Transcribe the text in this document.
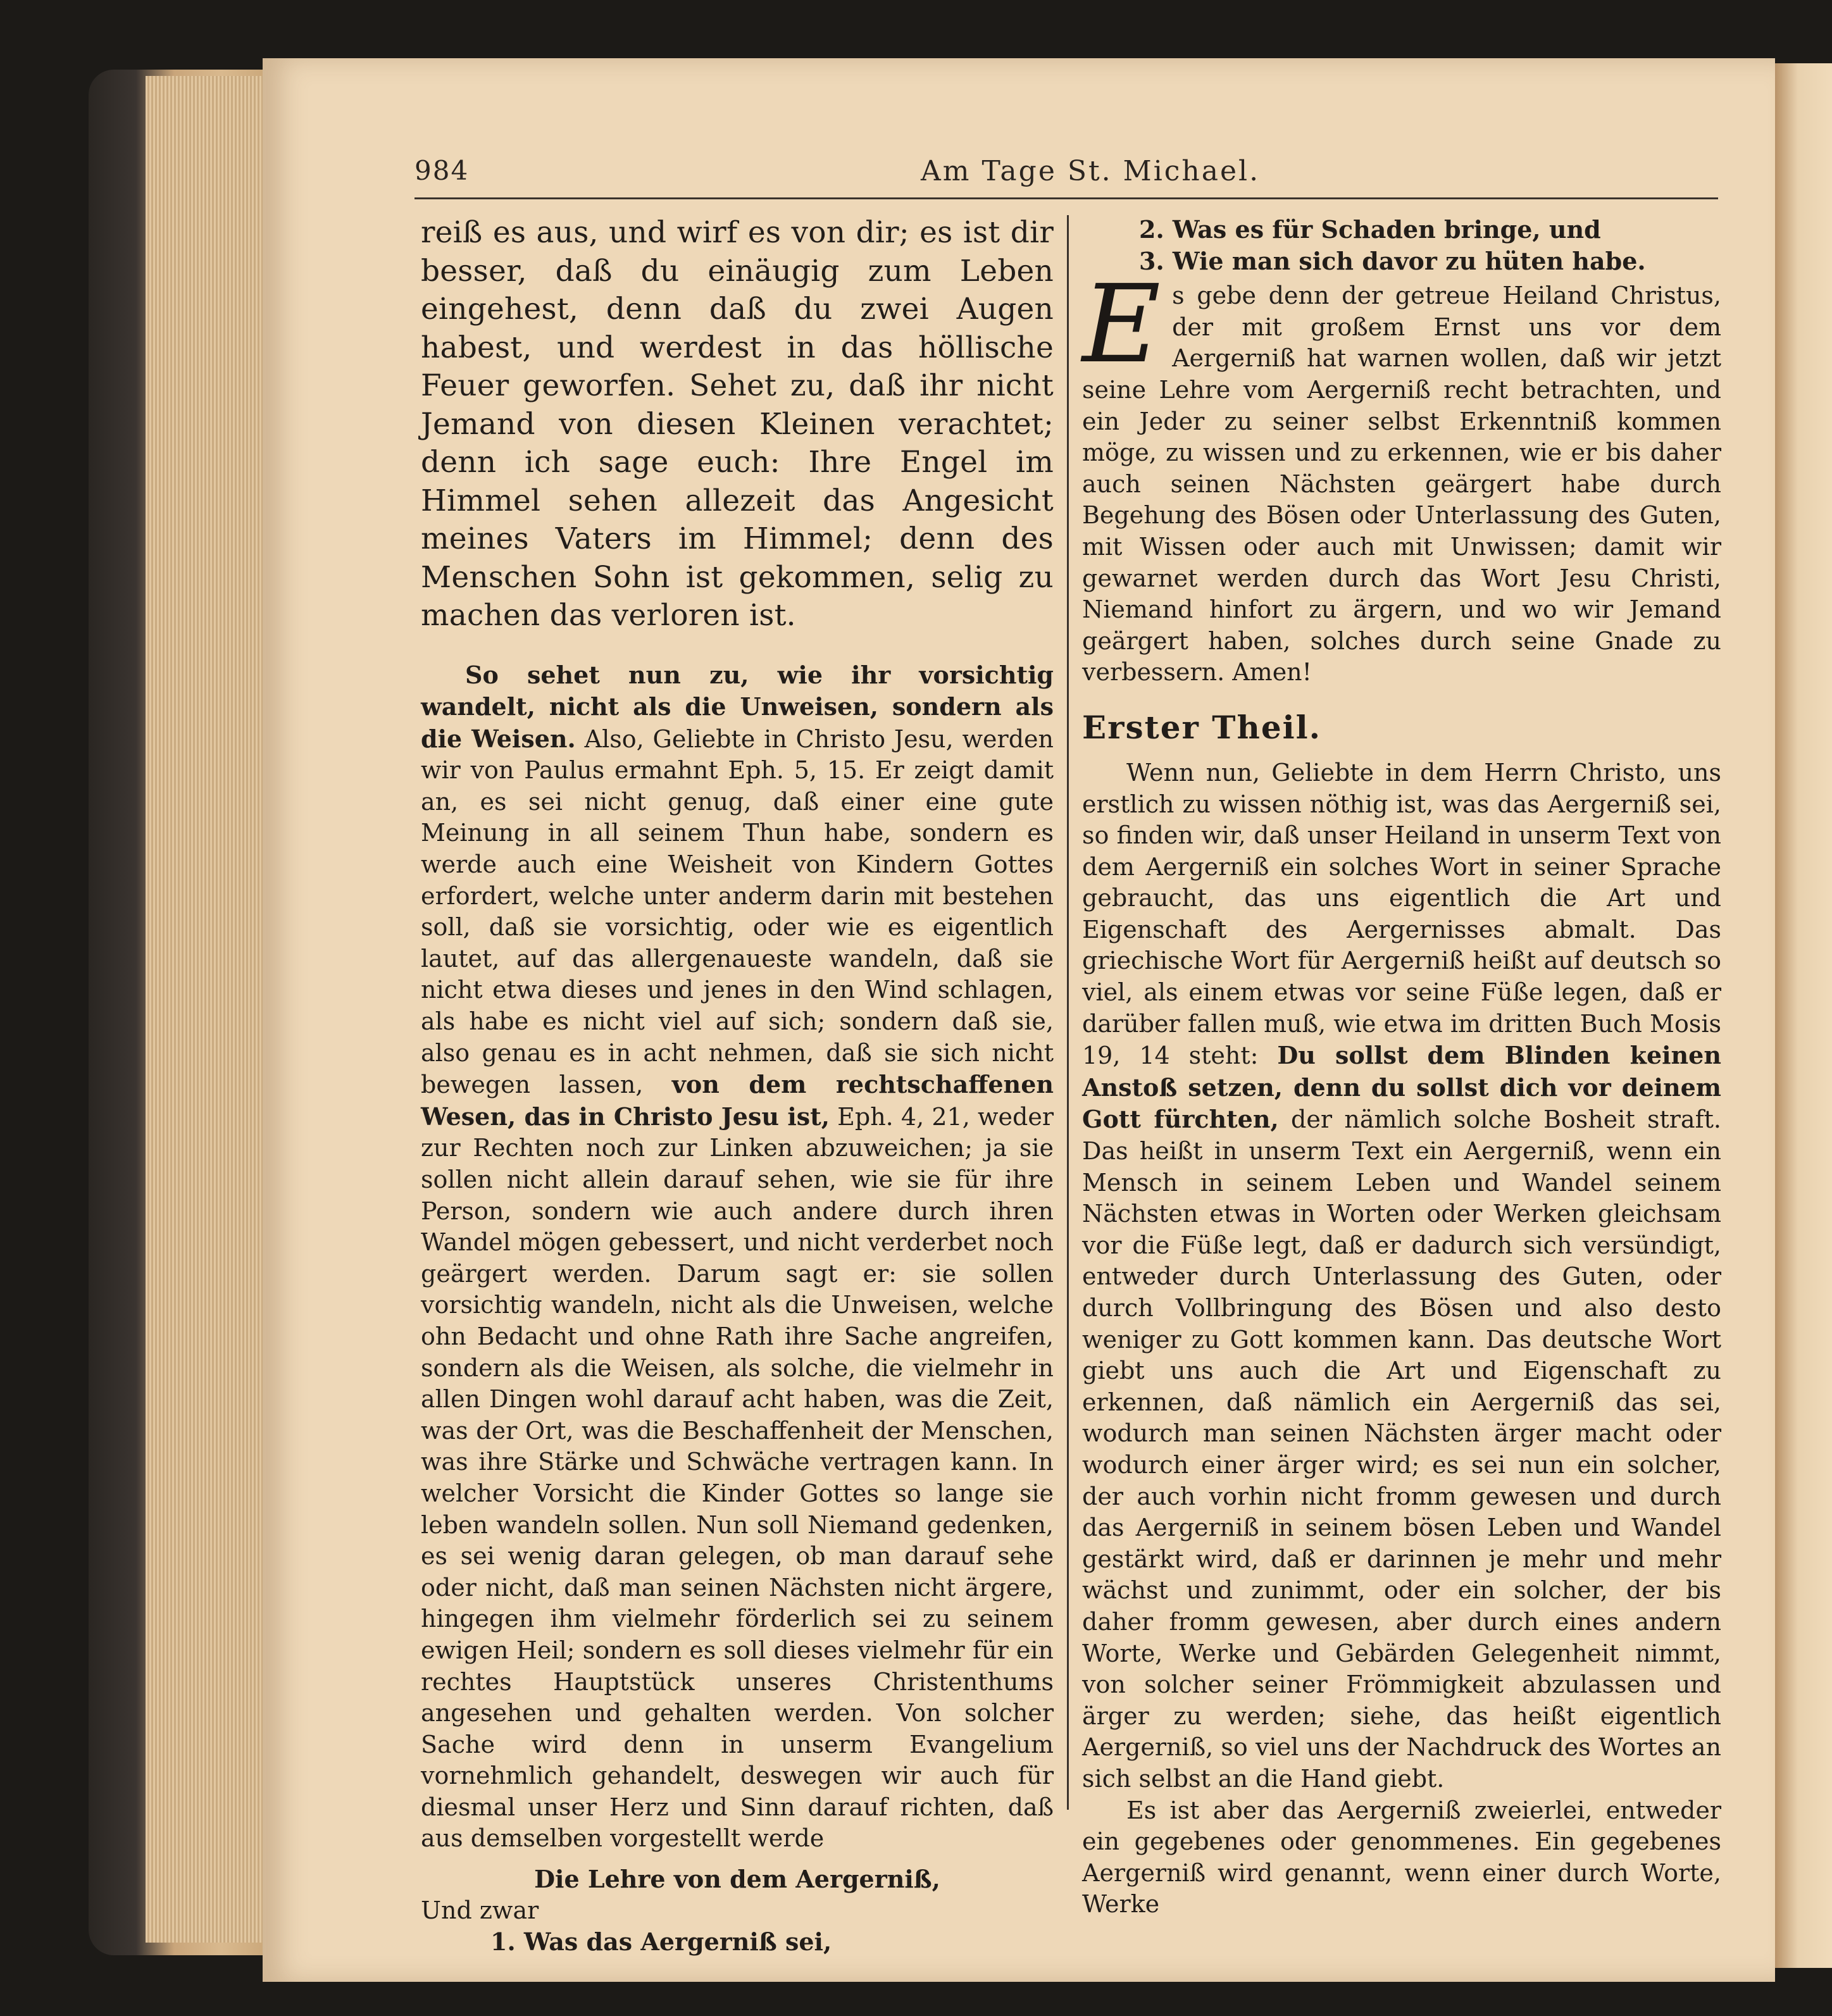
984	Am Tage St. Michael.

reiß es aus, und wirf es von dir; es ist dir besser, daß du einäugig zum Leben eingehest, denn daß du zwei Augen habest, und werdest in das höllische Feuer geworfen. Sehet zu, daß ihr nicht Jemand von diesen Kleinen verachtet; denn ich sage euch: Ihre Engel im Himmel sehen allezeit das Angesicht meines Vaters im Himmel; denn des Menschen Sohn ist gekommen, selig zu machen das verloren ist.

So sehet nun zu, wie ihr vorsichtig wandelt, nicht als die Unweisen, sondern als die Weisen. Also, Geliebte in Christo Jesu, werden wir von Paulus ermahnt Eph. 5, 15. Er zeigt damit an, es sei nicht genug, daß einer eine gute Meinung in all seinem Thun habe, sondern es werde auch eine Weisheit von Kindern Gottes erfordert, welche unter anderm darin mit bestehen soll, daß sie vorsichtig, oder wie es eigentlich lautet, auf das allergenaueste wandeln, daß sie nicht etwa dieses und jenes in den Wind schlagen, als habe es nicht viel auf sich; sondern daß sie, also genau es in acht nehmen, daß sie sich nicht bewegen lassen, von dem rechtschaffenen Wesen, das in Christo Jesu ist, Eph. 4, 21, weder zur Rechten noch zur Linken abzuweichen; ja sie sollen nicht allein darauf sehen, wie sie für ihre Person, sondern wie auch andere durch ihren Wandel mögen gebessert, und nicht verderbet noch geärgert werden. Darum sagt er: sie sollen vorsichtig wandeln, nicht als die Unweisen, welche ohn Bedacht und ohne Rath ihre Sache angreifen, sondern als die Weisen, als solche, die vielmehr in allen Dingen wohl darauf acht haben, was die Zeit, was der Ort, was die Beschaffenheit der Menschen, was ihre Stärke und Schwäche vertragen kann. In welcher Vorsicht die Kinder Gottes so lange sie leben wandeln sollen. Nun soll Niemand gedenken, es sei wenig daran gelegen, ob man darauf sehe oder nicht, daß man seinen Nächsten nicht ärgere, hingegen ihm vielmehr förderlich sei zu seinem ewigen Heil; sondern es soll dieses vielmehr für ein rechtes Hauptstück unseres Christenthums angesehen und gehalten werden. Von solcher Sache wird denn in unserm Evangelium vornehmlich gehandelt, deswegen wir auch für diesmal unser Herz und Sinn darauf richten, daß aus demselben vorgestellt werde

Die Lehre von dem Aergerniß,

Und zwar

1. Was das Aergerniß sei,

2. Was es für Schaden bringe, und

3. Wie man sich davor zu hüten habe.

Es gebe denn der getreue Heiland Christus, der mit großem Ernst uns vor dem Aergerniß hat warnen wollen, daß wir jetzt seine Lehre vom Aergerniß recht betrachten, und ein Jeder zu seiner selbst Erkenntniß kommen möge, zu wissen und zu erkennen, wie er bis daher auch seinen Nächsten geärgert habe durch Begehung des Bösen oder Unterlassung des Guten, mit Wissen oder auch mit Unwissen; damit wir gewarnet werden durch das Wort Jesu Christi, Niemand hinfort zu ärgern, und wo wir Jemand geärgert haben, solches durch seine Gnade zu verbessern. Amen!

Erster Theil.

Wenn nun, Geliebte in dem Herrn Christo, uns erstlich zu wissen nöthig ist, was das Aergerniß sei, so finden wir, daß unser Heiland in unserm Text von dem Aergerniß ein solches Wort in seiner Sprache gebraucht, das uns eigentlich die Art und Eigenschaft des Aergernisses abmalt. Das griechische Wort für Aergerniß heißt auf deutsch so viel, als einem etwas vor seine Füße legen, daß er darüber fallen muß, wie etwa im dritten Buch Mosis 19, 14 steht: Du sollst dem Blinden keinen Anstoß setzen, denn du sollst dich vor deinem Gott fürchten, der nämlich solche Bosheit straft. Das heißt in unserm Text ein Aergerniß, wenn ein Mensch in seinem Leben und Wandel seinem Nächsten etwas in Worten oder Werken gleichsam vor die Füße legt, daß er dadurch sich versündigt, entweder durch Unterlassung des Guten, oder durch Vollbringung des Bösen und also desto weniger zu Gott kommen kann. Das deutsche Wort giebt uns auch die Art und Eigenschaft zu erkennen, daß nämlich ein Aergerniß das sei, wodurch man seinen Nächsten ärger macht oder wodurch einer ärger wird; es sei nun ein solcher, der auch vorhin nicht fromm gewesen und durch das Aergerniß in seinem bösen Leben und Wandel gestärkt wird, daß er darinnen je mehr und mehr wächst und zunimmt, oder ein solcher, der bis daher fromm gewesen, aber durch eines andern Worte, Werke und Gebärden Gelegenheit nimmt, von solcher seiner Frömmigkeit abzulassen und ärger zu werden; siehe, das heißt eigentlich Aergerniß, so viel uns der Nachdruck des Wortes an sich selbst an die Hand giebt.

Es ist aber das Aergerniß zweierlei, entweder ein gegebenes oder genommenes. Ein gegebenes Aergerniß wird genannt, wenn einer durch Worte, Werke
